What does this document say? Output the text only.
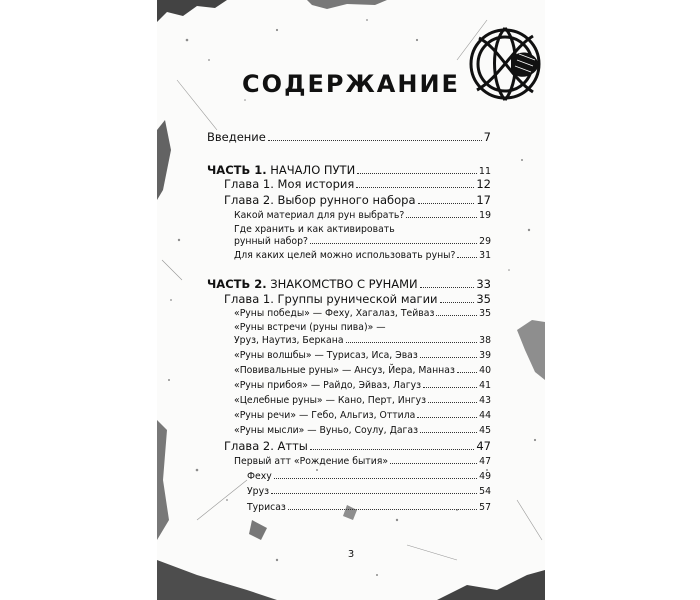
СОДЕРЖАНИЕ
Введение	7
ЧАСТЬ 1. НАЧАЛО ПУТИ	11
Глава 1. Моя история	12
Глава 2. Выбор рунного набора	17
Какой материал для рун выбрать?	19
Где хранить и как активировать
рунный набор?	29
Для каких целей можно использовать руны?	31
ЧАСТЬ 2. ЗНАКОМСТВО С РУНАМИ	33
Глава 1. Группы рунической магии	35
«Руны победы» — Феху, Хагалаз, Тейваз	35
«Руны встречи (руны пива)» —
Уруз, Наутиз, Беркана	38
«Руны волшбы» — Турисаз, Иса, Эваз	39
«Повивальные руны» — Ансуз, Йера, Манназ	40
«Руны прибоя» — Райдо, Эйваз, Лагуз	41
«Целебные руны» — Кано, Перт, Ингуз	43
«Руны речи» — Гебо, Альгиз, Оттила	44
«Руны мысли» — Вуньо, Соулу, Дагаз	45
Глава 2. Атты	47
Первый атт «Рождение бытия»	47
Феху	49
Уруз	54
Турисаз	57
3
